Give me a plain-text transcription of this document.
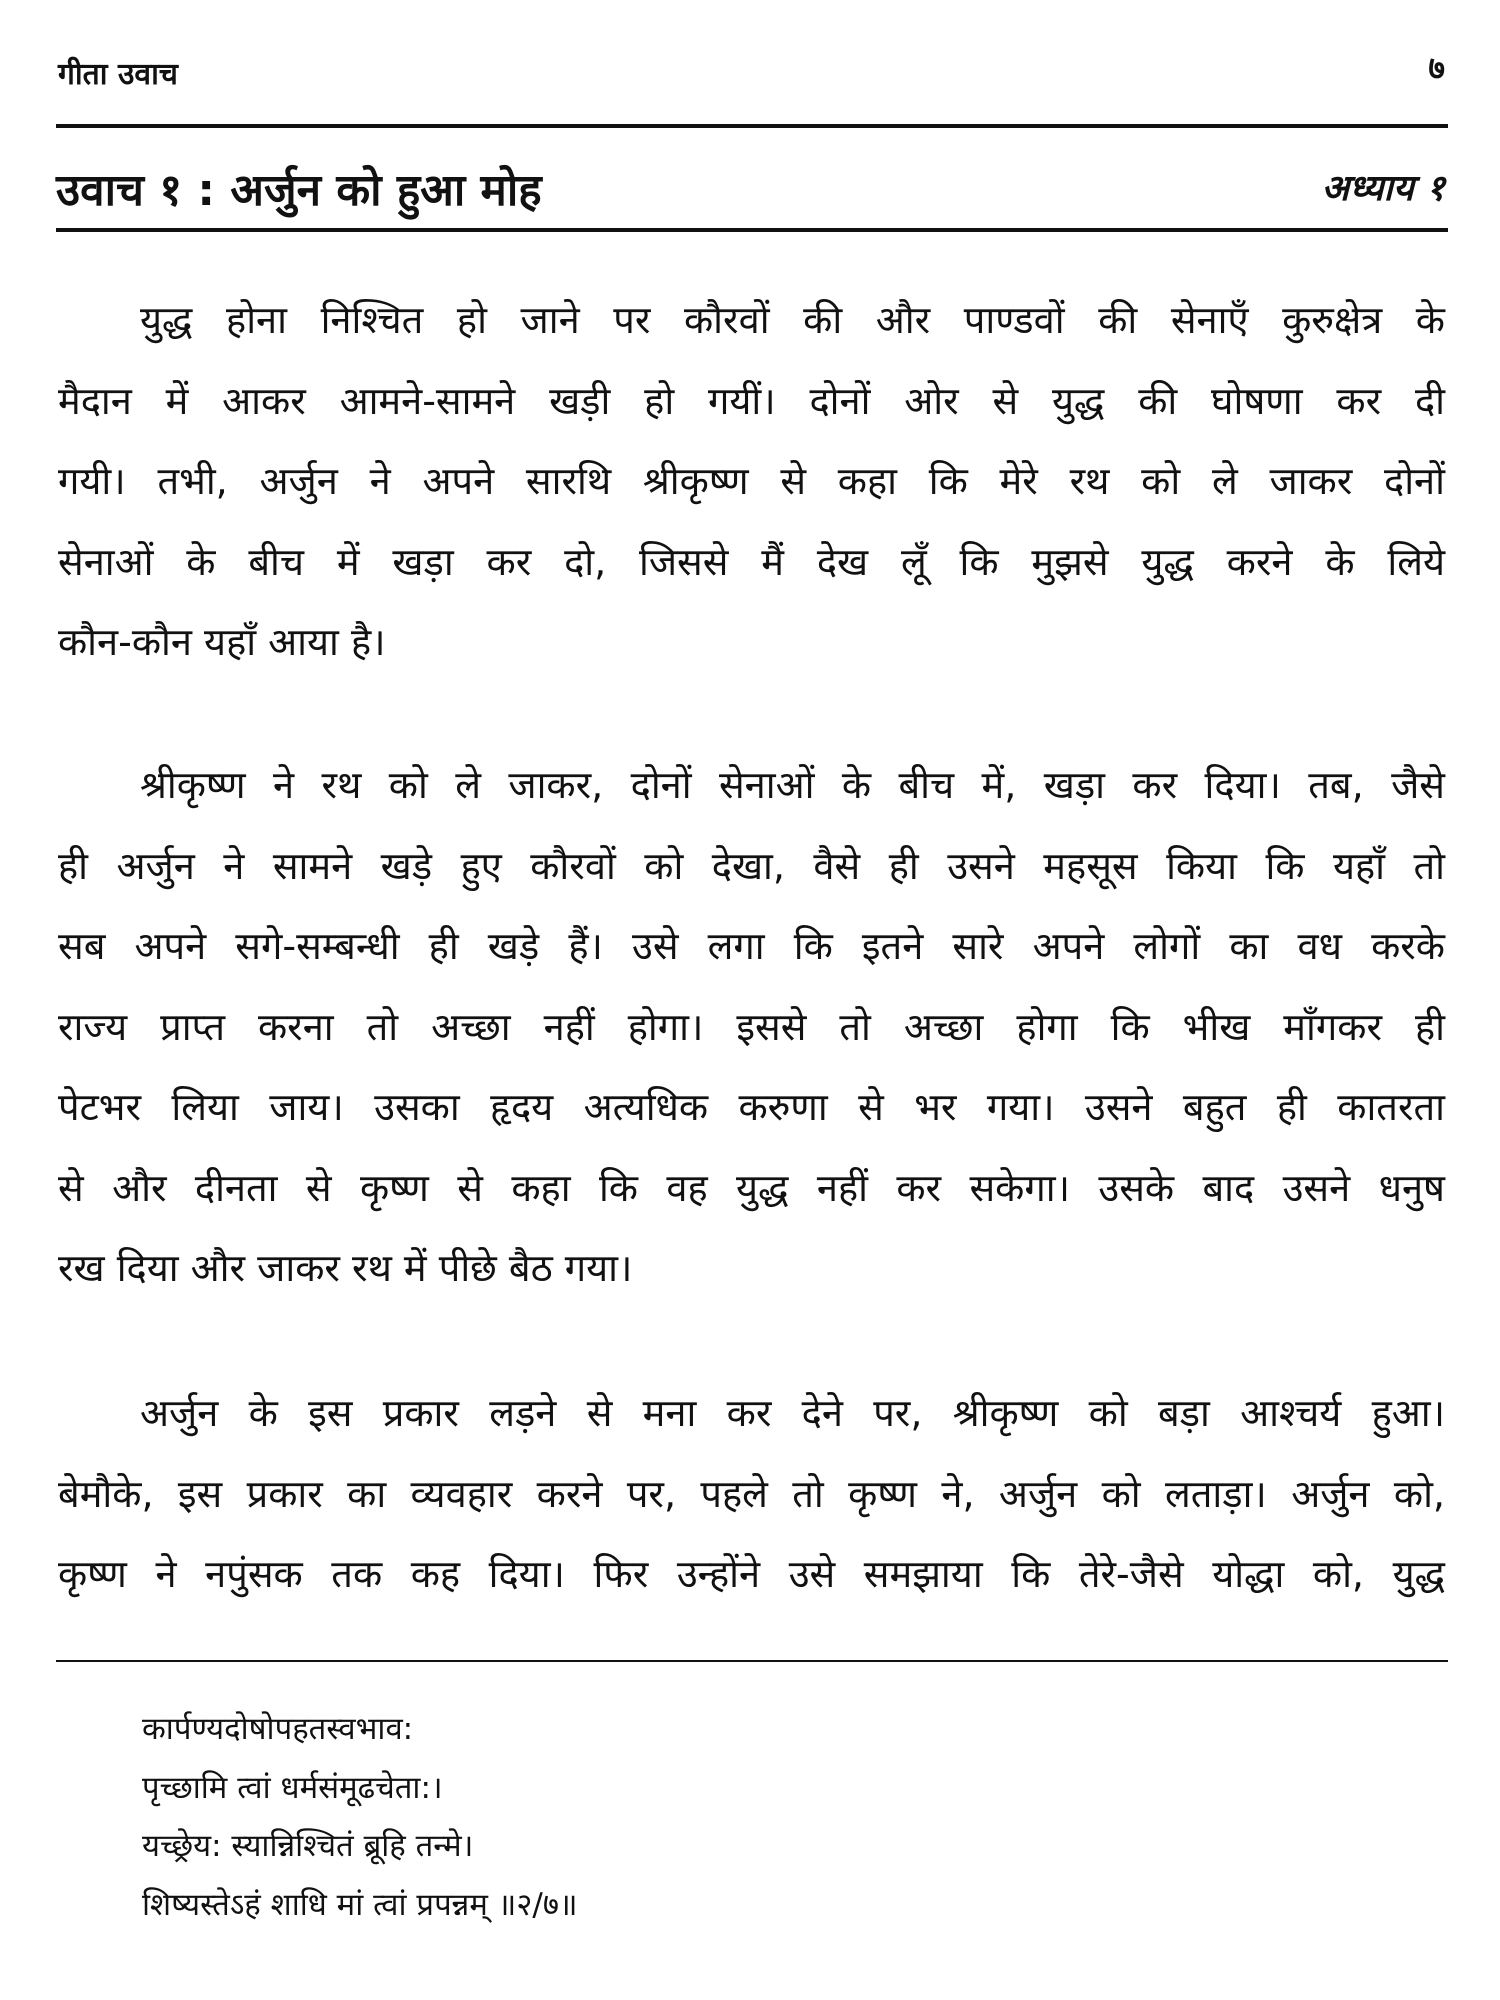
गीता उवाच	७
उवाच १ : अर्जुन को हुआ मोह	अध्याय १
युद्ध होना निश्चित हो जाने पर कौरवों की और पाण्डवों की सेनाएँ कुरुक्षेत्र के
मैदान में आकर आमने-सामने खड़ी हो गयीं। दोनों ओर से युद्ध की घोषणा कर दी
गयी। तभी, अर्जुन ने अपने सारथि श्रीकृष्ण से कहा कि मेरे रथ को ले जाकर दोनों
सेनाओं के बीच में खड़ा कर दो, जिससे मैं देख लूँ कि मुझसे युद्ध करने के लिये
कौन-कौन यहाँ आया है।
श्रीकृष्ण ने रथ को ले जाकर, दोनों सेनाओं के बीच में, खड़ा कर दिया। तब, जैसे
ही अर्जुन ने सामने खड़े हुए कौरवों को देखा, वैसे ही उसने महसूस किया कि यहाँ तो
सब अपने सगे-सम्बन्धी ही खड़े हैं। उसे लगा कि इतने सारे अपने लोगों का वध करके
राज्य प्राप्त करना तो अच्छा नहीं होगा। इससे तो अच्छा होगा कि भीख माँगकर ही
पेटभर लिया जाय। उसका हृदय अत्यधिक करुणा से भर गया। उसने बहुत ही कातरता
से और दीनता से कृष्ण से कहा कि वह युद्ध नहीं कर सकेगा। उसके बाद उसने धनुष
रख दिया और जाकर रथ में पीछे बैठ गया।
अर्जुन के इस प्रकार लड़ने से मना कर देने पर, श्रीकृष्ण को बड़ा आश्चर्य हुआ।
बेमौके, इस प्रकार का व्यवहार करने पर, पहले तो कृष्ण ने, अर्जुन को लताड़ा। अर्जुन को,
कृष्ण ने नपुंसक तक कह दिया। फिर उन्होंने उसे समझाया कि तेरे-जैसे योद्धा को, युद्ध
कार्पण्यदोषोपहतस्वभाव:
पृच्छामि त्वां धर्मसंमूढचेता:।
यच्छ्रेय: स्यान्निश्चितं ब्रूहि तन्मे।
शिष्यस्तेऽहं शाधि मां त्वां प्रपन्नम् ॥२/७॥
